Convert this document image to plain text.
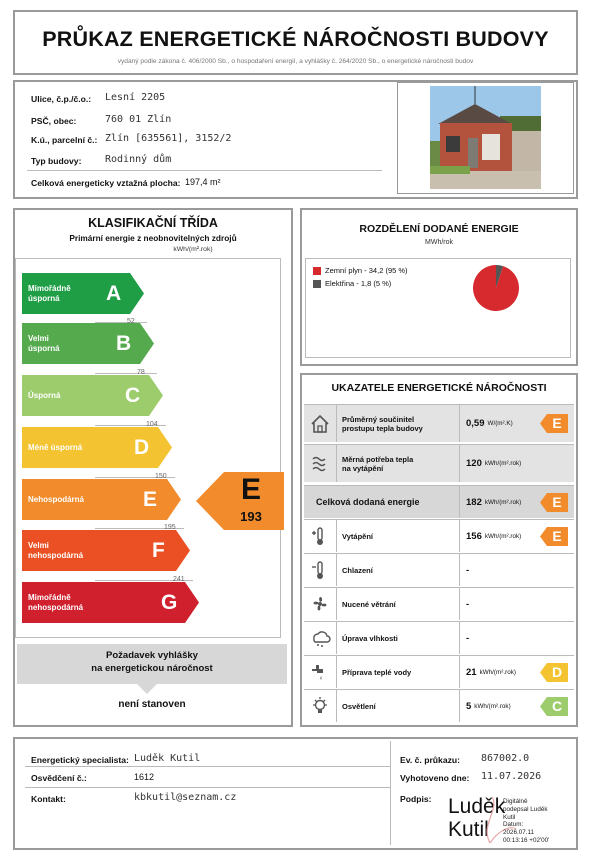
PRŮKAZ ENERGETICKÉ NÁROČNOSTI BUDOVY
vydaný podle zákona č. 406/2000 Sb., o hospodaření energií, a vyhlášky č. 264/2020 Sb., o energetické náročnosti budov
Ulice, č.p./č.o.: Lesní 2205
PSČ, obec:	760 01 Zlín
K.ú., parcelní č.: Zlín [635561], 3152/2
Typ budovy: Rodinný dům
Celková energeticky vztažná plocha: 197,4 m²
KLASIFIKAČNÍ TŘÍDA
Primární energie z neobnovitelných zdrojů
kWh/(m².rok)
Mimořádně
úsporná	A
Velmi
úsporná	B
Úsporná	C
Méně úsporná D
Nehospodárná	E
Velmi
nehospodárná	F
Mimořádně
nehospodárná	G
52
78
104
150
195
241
E
193
Požadavek vyhlášky
na energetickou náročnost
není stanoven
ROZDĚLENÍ DODANÉ ENERGIE
MWh/rok
Zemní plyn - 34,2 (95 %)
Elektřina - 1,8 (5 %)
UKAZATELE ENERGETICKÉ NÁROČNOSTI
Průměrný součinitel
prostupu tepla budovy	0,59 W/(m².K)	E
Měrná potřeba tepla
na vytápění	120 kWh/(m².rok)
Celková dodaná energie	182 kWh/(m².rok)	E
Vytápění	156 kWh/(m².rok)	E
Chlazení	-
Nucené větrání	-
Úprava vlhkosti	-
Příprava teplé vody	21 kWh/(m².rok)	D
Osvětlení	5 kWh/(m².rok)	C
Energetický specialista: Luděk Kutil
Osvědčení č.:	1612
Kontakt:	kbkutil@seznam.cz
Ev. č. průkazu: 867002.0
Vyhotoveno dne: 11.07.2026
Podpis: Luděk
Kutil
Digitálně
podepsal Luděk
Kutil
Datum:
2026.07.11
00:13:16 +02'00'
